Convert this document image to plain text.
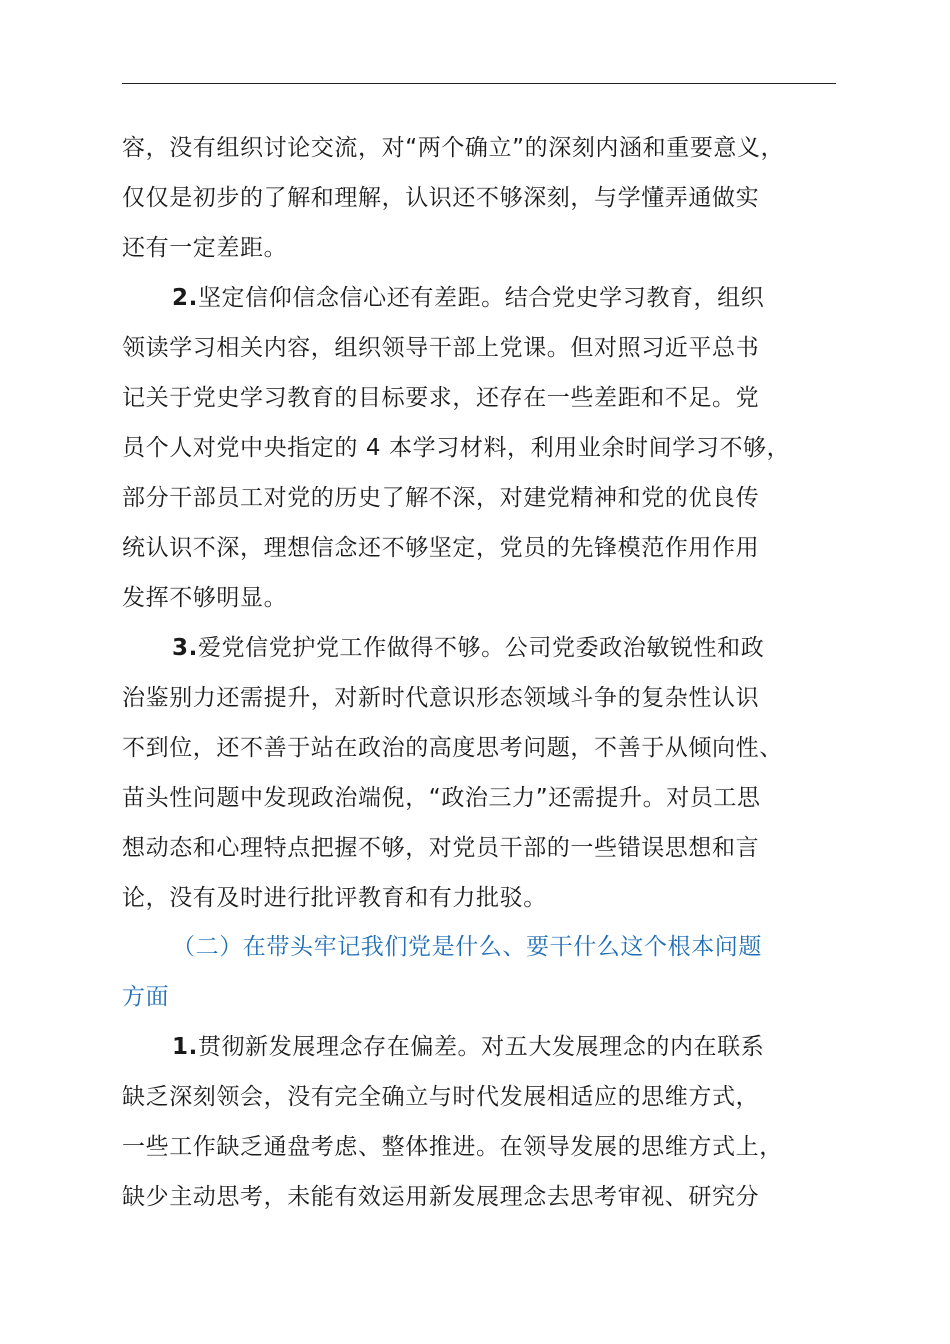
容，没有组织讨论交流，对“两个确立”的深刻内涵和重要意义，
仅仅是初步的了解和理解，认识还不够深刻，与学懂弄通做实
还有一定差距。
2.坚定信仰信念信心还有差距。结合党史学习教育，组织
领读学习相关内容，组织领导干部上党课。但对照习近平总书
记关于党史学习教育的目标要求，还存在一些差距和不足。党
员个人对党中央指定的 4 本学习材料，利用业余时间学习不够，
部分干部员工对党的历史了解不深，对建党精神和党的优良传
统认识不深，理想信念还不够坚定，党员的先锋模范作用作用
发挥不够明显。
3.爱党信党护党工作做得不够。公司党委政治敏锐性和政
治鉴别力还需提升，对新时代意识形态领域斗争的复杂性认识
不到位，还不善于站在政治的高度思考问题，不善于从倾向性、
苗头性问题中发现政治端倪，“政治三力”还需提升。对员工思
想动态和心理特点把握不够，对党员干部的一些错误思想和言
论，没有及时进行批评教育和有力批驳。
（二）在带头牢记我们党是什么、要干什么这个根本问题
方面
1.贯彻新发展理念存在偏差。对五大发展理念的内在联系
缺乏深刻领会，没有完全确立与时代发展相适应的思维方式，
一些工作缺乏通盘考虑、整体推进。在领导发展的思维方式上，
缺少主动思考，未能有效运用新发展理念去思考审视、研究分
